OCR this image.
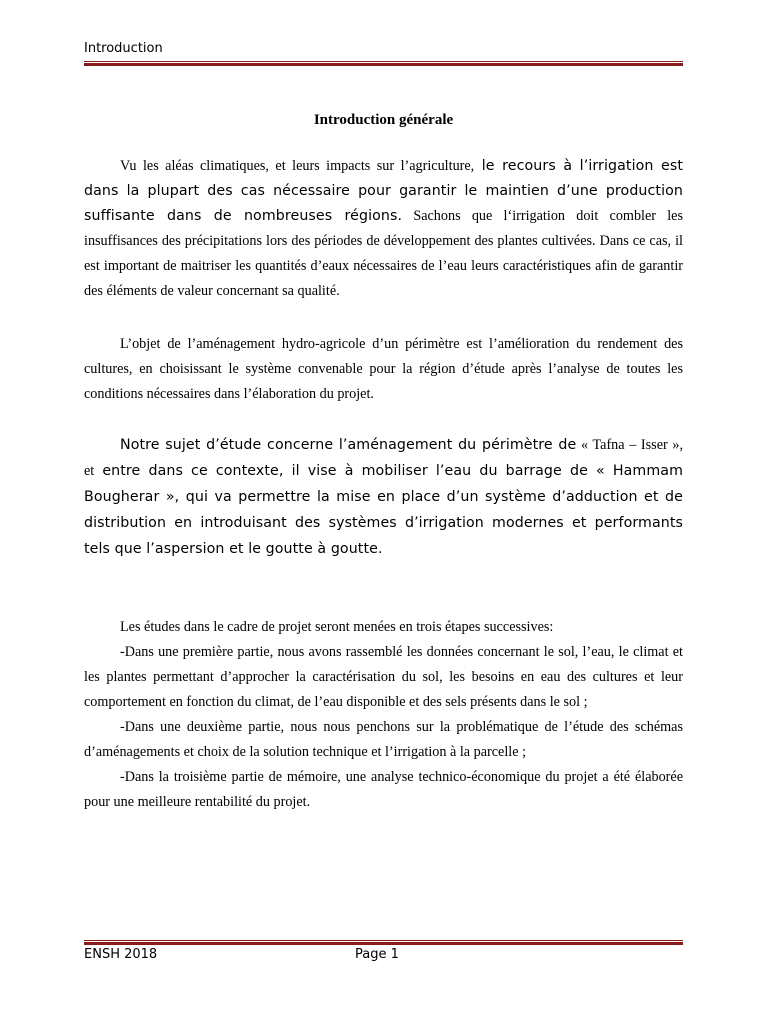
Introduction
Introduction générale

Vu les aléas climatiques, et leurs impacts sur l’agriculture, le recours à l’irrigation est dans la plupart des cas nécessaire pour garantir le maintien d’une production suffisante dans de nombreuses régions. Sachons que l‘irrigation doit combler les insuffisances des précipitations lors des périodes de développement des plantes cultivées. Dans ce cas, il est important de maitriser les quantités d’eaux nécessaires de l’eau leurs caractéristiques afin de garantir des éléments de valeur concernant sa qualité.

L’objet de l’aménagement hydro-agricole d’un périmètre est l’amélioration du rendement des cultures, en choisissant le système convenable pour la région d’étude après l’analyse de toutes les conditions nécessaires dans l’élaboration du projet.

Notre sujet d’étude concerne l’aménagement du périmètre de « Tafna – Isser », et entre dans ce contexte, il vise à mobiliser l’eau du barrage de « Hammam Bougherar », qui va permettre la mise en place d’un système d’adduction et de distribution en introduisant des systèmes d’irrigation modernes et performants tels que l’aspersion et le goutte à goutte.

Les études dans le cadre de projet seront menées en trois étapes successives:

-Dans une première partie, nous avons rassemblé les données concernant le sol, l’eau, le climat et les plantes permettant d’approcher la caractérisation du sol, les besoins en eau des cultures et leur comportement en fonction du climat, de l’eau disponible et des sels présents dans le sol ;

-Dans une deuxième partie, nous nous penchons sur la problématique de l’étude des schémas d’aménagements et choix de la solution technique et l’irrigation à la parcelle ;

-Dans la troisième partie de mémoire, une analyse technico-économique du projet a été élaborée pour une meilleure rentabilité du projet.

ENSH 2018	Page 1
